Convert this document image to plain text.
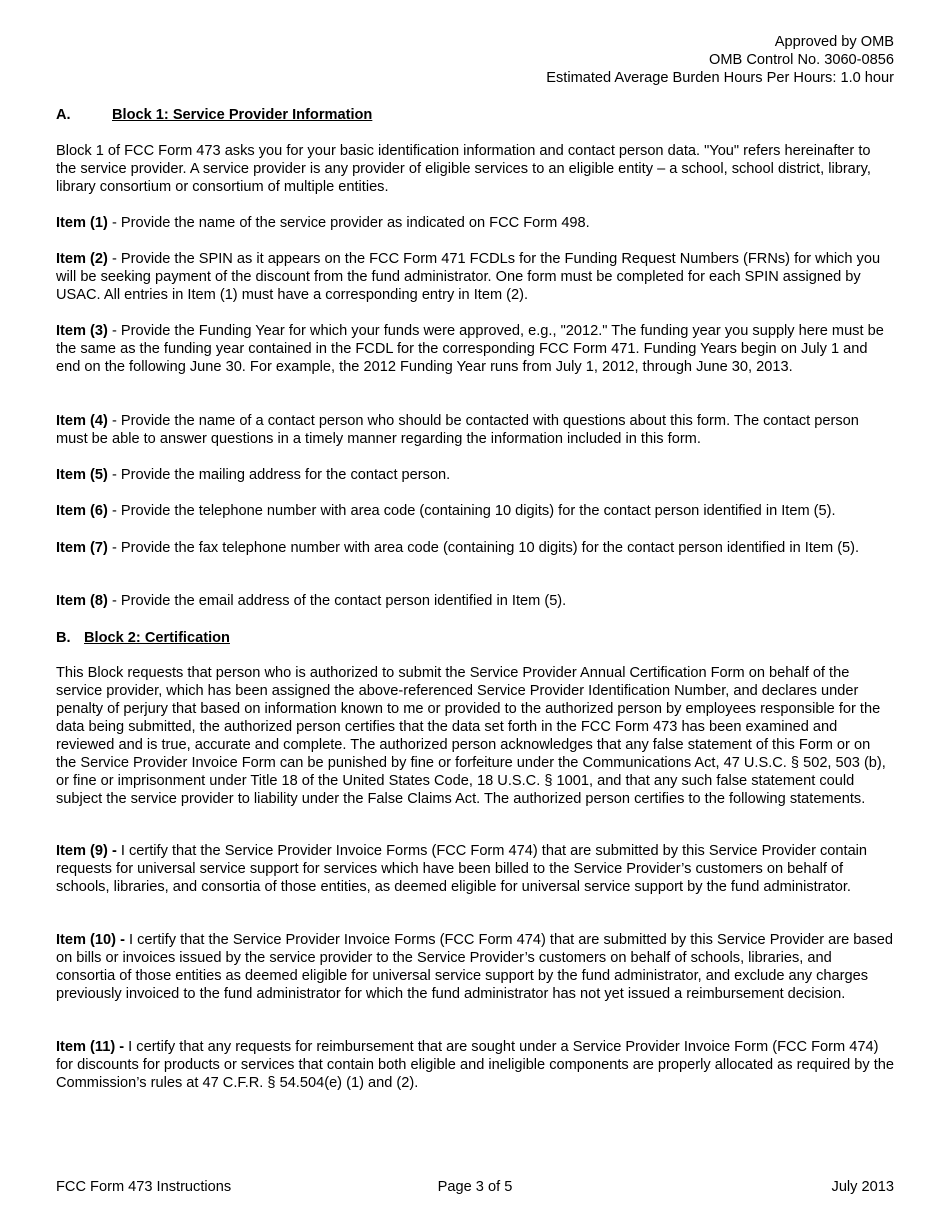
Approved by OMB
OMB Control No. 3060-0856
Estimated Average Burden Hours Per Hours: 1.0 hour
A.	Block 1: Service Provider Information

Block 1 of FCC Form 473 asks you for your basic identification information and contact person data. "You" refers hereinafter to the service provider. A service provider is any provider of eligible services to an eligible entity – a school, school district, library, library consortium or consortium of multiple entities.

Item (1) - Provide the name of the service provider as indicated on FCC Form 498.

Item (2) - Provide the SPIN as it appears on the FCC Form 471 FCDLs for the Funding Request Numbers (FRNs) for which you will be seeking payment of the discount from the fund administrator. One form must be completed for each SPIN assigned by USAC. All entries in Item (1) must have a corresponding entry in Item (2).

Item (3) - Provide the Funding Year for which your funds were approved, e.g., "2012." The funding year you supply here must be the same as the funding year contained in the FCDL for the corresponding FCC Form 471. Funding Years begin on July 1 and end on the following June 30. For example, the 2012 Funding Year runs from July 1, 2012, through June 30, 2013.

Item (4) - Provide the name of a contact person who should be contacted with questions about this form. The contact person must be able to answer questions in a timely manner regarding the information included in this form.

Item (5) - Provide the mailing address for the contact person.

Item (6) - Provide the telephone number with area code (containing 10 digits) for the contact person identified in Item (5).

Item (7) - Provide the fax telephone number with area code (containing 10 digits) for the contact person identified in Item (5).

Item (8) - Provide the email address of the contact person identified in Item (5).

B. Block 2: Certification

This Block requests that person who is authorized to submit the Service Provider Annual Certification Form on behalf of the service provider, which has been assigned the above-referenced Service Provider Identification Number, and declares under penalty of perjury that based on information known to me or provided to the authorized person by employees responsible for the data being submitted, the authorized person certifies that the data set forth in the FCC Form 473 has been examined and reviewed and is true, accurate and complete. The authorized person acknowledges that any false statement of this Form or on the Service Provider Invoice Form can be punished by fine or forfeiture under the Communications Act, 47 U.S.C. § 502, 503 (b), or fine or imprisonment under Title 18 of the United States Code, 18 U.S.C. § 1001, and that any such false statement could subject the service provider to liability under the False Claims Act. The authorized person certifies to the following statements.

Item (9) - I certify that the Service Provider Invoice Forms (FCC Form 474) that are submitted by this Service Provider contain requests for universal service support for services which have been billed to the Service Provider’s customers on behalf of schools, libraries, and consortia of those entities, as deemed eligible for universal service support by the fund administrator.

Item (10) - I certify that the Service Provider Invoice Forms (FCC Form 474) that are submitted by this Service Provider are based on bills or invoices issued by the service provider to the Service Provider’s customers on behalf of schools, libraries, and consortia of those entities as deemed eligible for universal service support by the fund administrator, and exclude any charges previously invoiced to the fund administrator for which the fund administrator has not yet issued a reimbursement decision.

Item (11) - I certify that any requests for reimbursement that are sought under a Service Provider Invoice Form (FCC Form 474) for discounts for products or services that contain both eligible and ineligible components are properly allocated as required by the Commission’s rules at 47 C.F.R. § 54.504(e) (1) and (2).

FCC Form 473 Instructions	Page 3 of 5	July 2013
